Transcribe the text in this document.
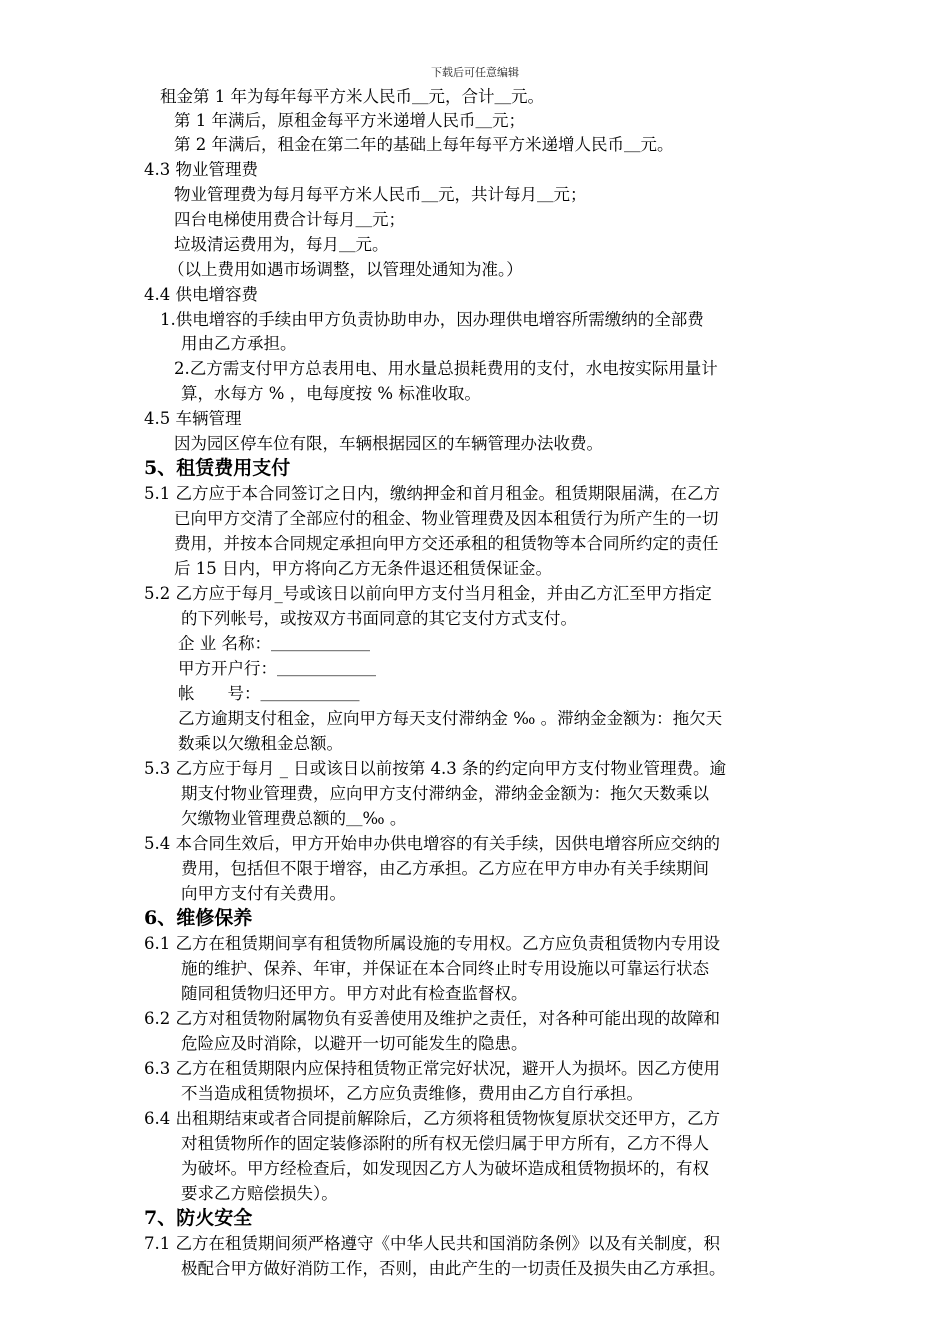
下载后可任意编辑
租金第 1 年为每年每平方米人民币＿元，合计＿元。
第 1 年满后，原租金每平方米递增人民币＿元；
第 2 年满后，租金在第二年的基础上每年每平方米递增人民币＿元。
4.3 物业管理费
物业管理费为每月每平方米人民币＿元，共计每月＿元；
四台电梯使用费合计每月＿元；
垃圾清运费用为，每月＿元。
（以上费用如遇市场调整，以管理处通知为准。）
4.4 供电增容费
1.供电增容的手续由甲方负责协助申办，因办理供电增容所需缴纳的全部费
用由乙方承担。
2.乙方需支付甲方总表用电、用水量总损耗费用的支付，水电按实际用量计
算，水每方 % ，电每度按 % 标准收取。
4.5 车辆管理
因为园区停车位有限，车辆根据园区的车辆管理办法收费。
5、租赁费用支付
5.1 乙方应于本合同签订之日内，缴纳押金和首月租金。租赁期限届满，在乙方
已向甲方交清了全部应付的租金、物业管理费及因本租赁行为所产生的一切
费用，并按本合同规定承担向甲方交还承租的租赁物等本合同所约定的责任
后 15 日内，甲方将向乙方无条件退还租赁保证金。
5.2 乙方应于每月_号或该日以前向甲方支付当月租金，并由乙方汇至甲方指定
的下列帐号，或按双方书面同意的其它支付方式支付。
企 业 名称：＿＿＿＿＿＿
甲方开户行：＿＿＿＿＿＿
帐　　号：＿＿＿＿＿＿
乙方逾期支付租金，应向甲方每天支付滞纳金 ‰ 。滞纳金金额为：拖欠天
数乘以欠缴租金总额。
5.3 乙方应于每月 _ 日或该日以前按第 4.3 条的约定向甲方支付物业管理费。逾
期支付物业管理费，应向甲方支付滞纳金，滞纳金金额为：拖欠天数乘以
欠缴物业管理费总额的＿‰ 。
5.4 本合同生效后，甲方开始申办供电增容的有关手续，因供电增容所应交纳的
费用，包括但不限于增容，由乙方承担。乙方应在甲方申办有关手续期间
向甲方支付有关费用。
6、维修保养
6.1 乙方在租赁期间享有租赁物所属设施的专用权。乙方应负责租赁物内专用设
施的维护、保养、年审，并保证在本合同终止时专用设施以可靠运行状态
随同租赁物归还甲方。甲方对此有检查监督权。
6.2 乙方对租赁物附属物负有妥善使用及维护之责任，对各种可能出现的故障和
危险应及时消除，以避开一切可能发生的隐患。
6.3 乙方在租赁期限内应保持租赁物正常完好状况，避开人为损坏。因乙方使用
不当造成租赁物损坏，乙方应负责维修，费用由乙方自行承担。
6.4 出租期结束或者合同提前解除后，乙方须将租赁物恢复原状交还甲方，乙方
对租赁物所作的固定装修添附的所有权无偿归属于甲方所有，乙方不得人
为破坏。甲方经检查后，如发现因乙方人为破坏造成租赁物损坏的，有权
要求乙方赔偿损失）。
7、防火安全
7.1 乙方在租赁期间须严格遵守《中华人民共和国消防条例》以及有关制度，积
极配合甲方做好消防工作，否则，由此产生的一切责任及损失由乙方承担。
